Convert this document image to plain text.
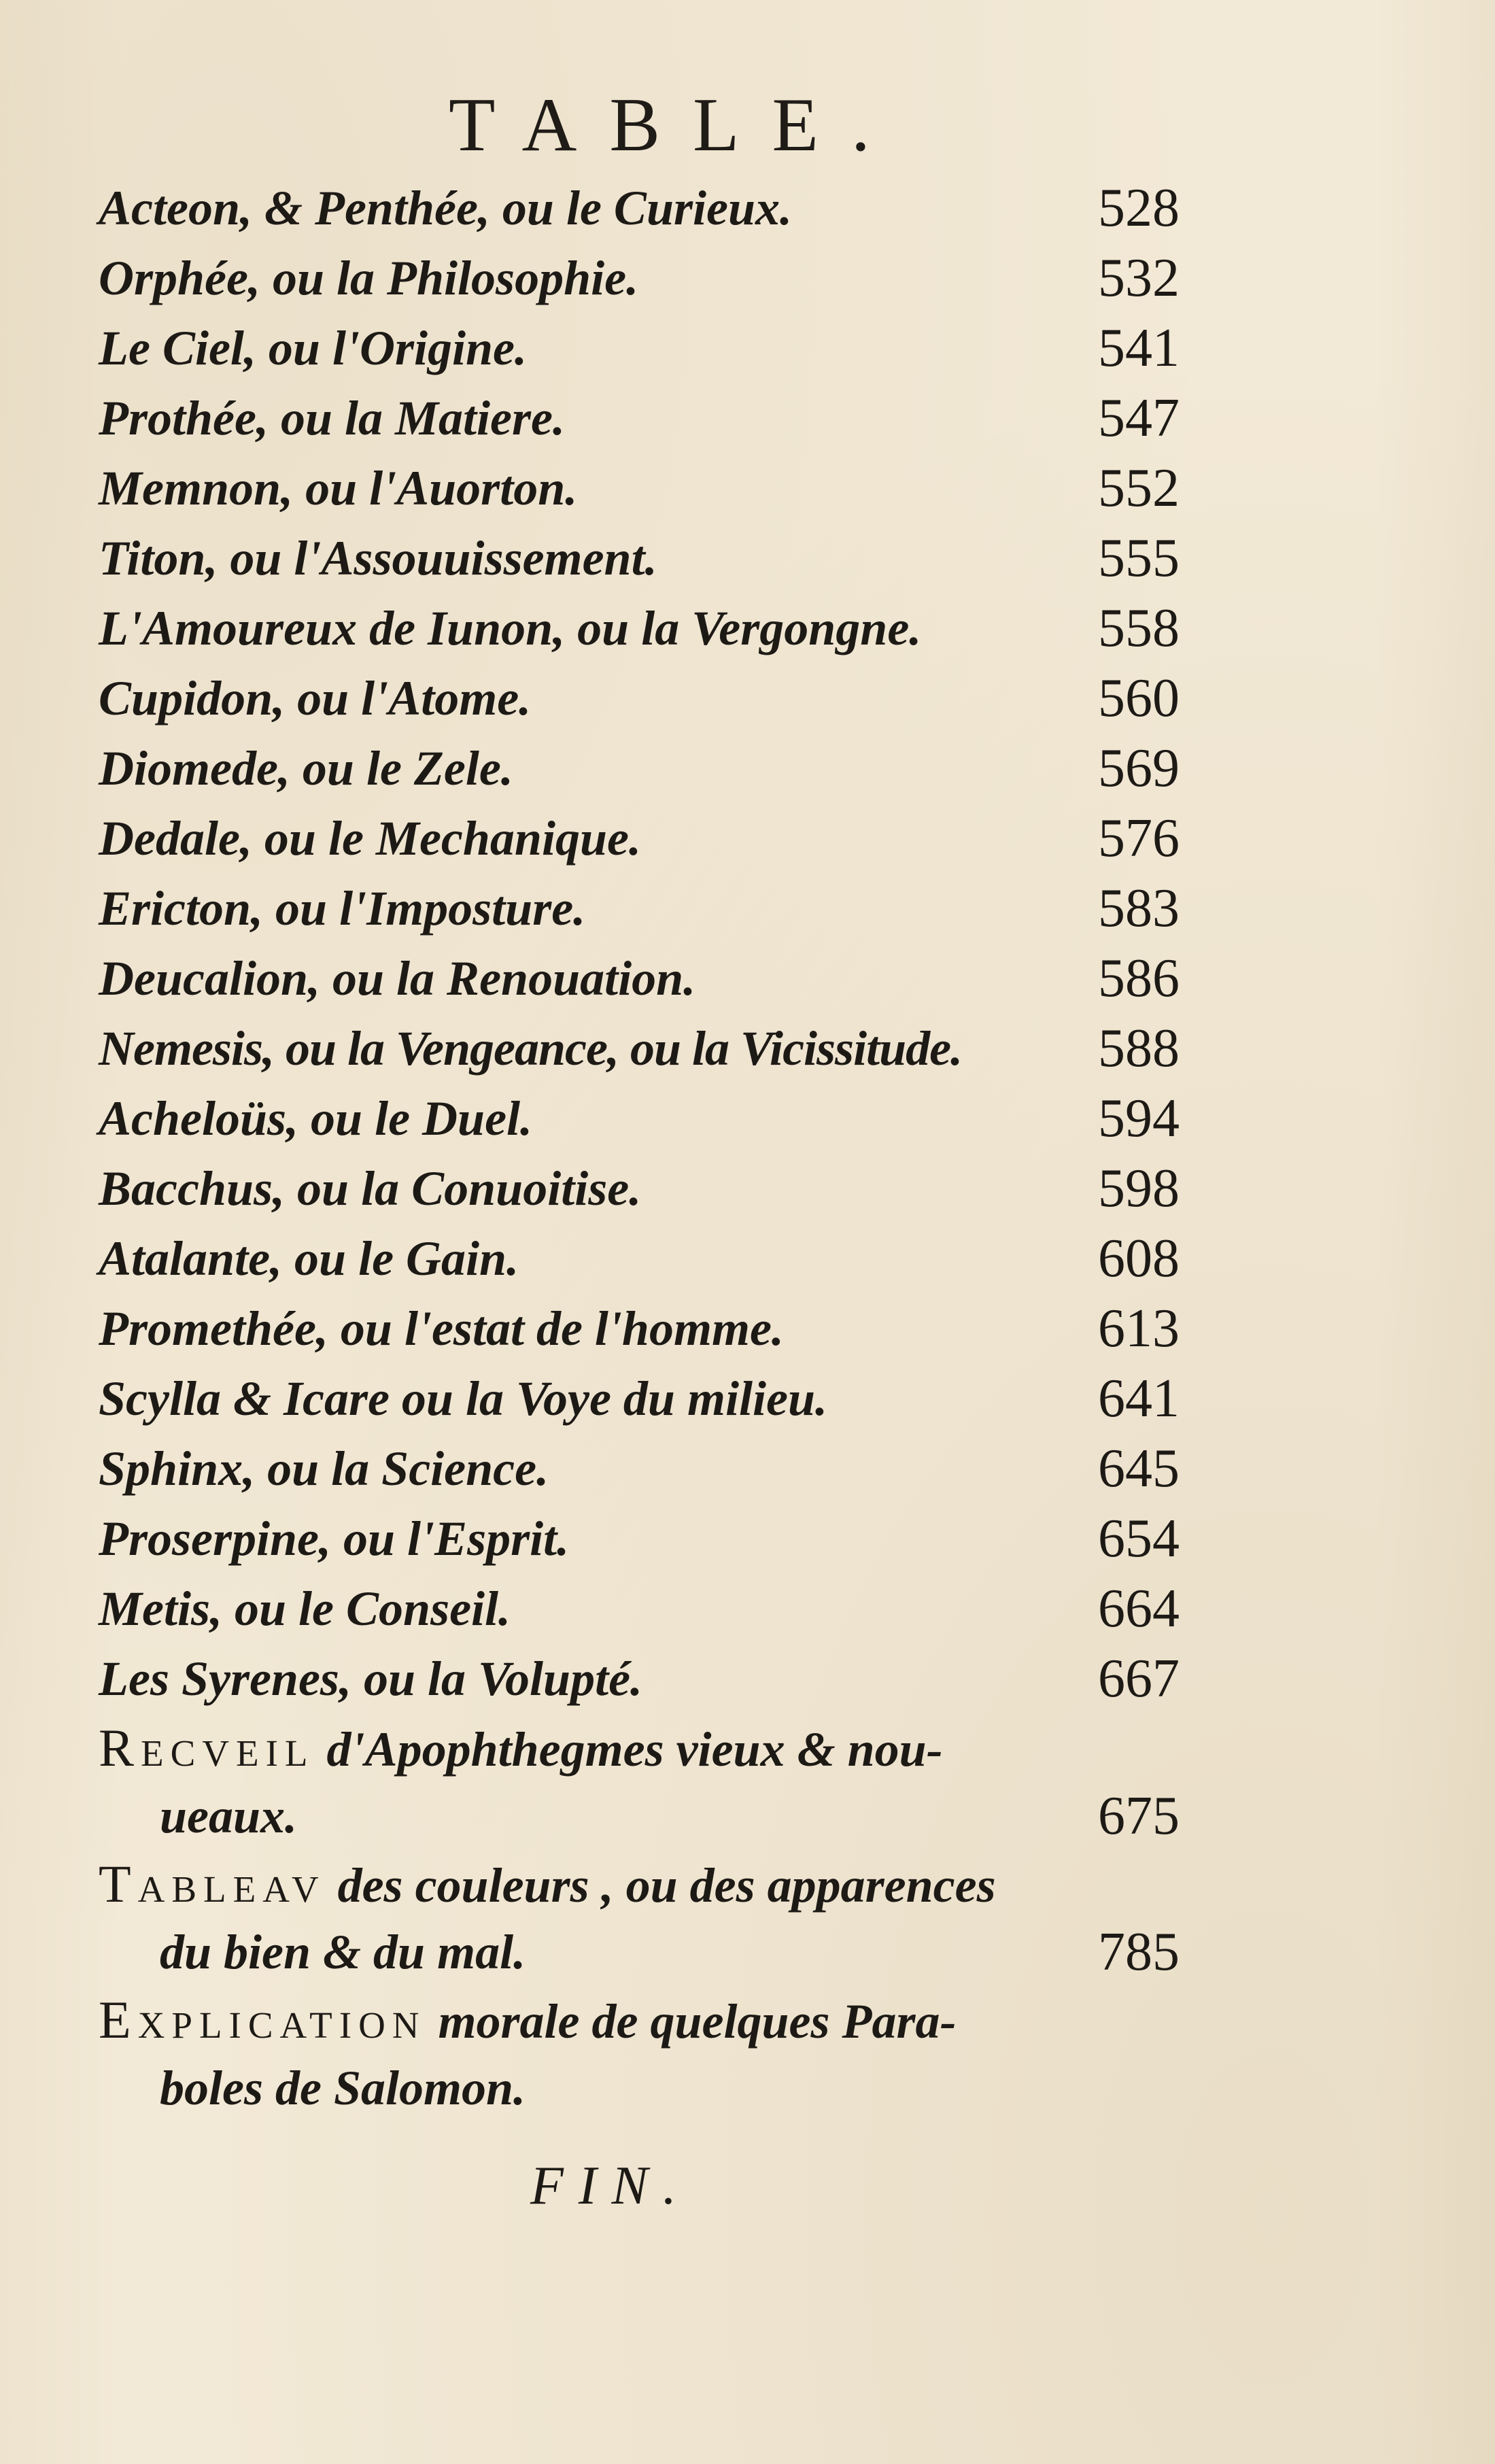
TABLE.
Acteon, & Penthée, ou le Curieux.	528
Orphée, ou la Philosophie.	532
Le Ciel, ou l'Origine.	541
Prothée, ou la Matiere.	547
Memnon, ou l'Auorton.	552
Titon, ou l'Assouuissement.	555
L'Amoureux de Iunon, ou la Vergongne.	558
Cupidon, ou l'Atome.	560
Diomede, ou le Zele.	569
Dedale, ou le Mechanique.	576
Ericton, ou l'Imposture.	583
Deucalion, ou la Renouation.	586
Nemesis, ou la Vengeance, ou la Vicissitude. 588
Acheloüs, ou le Duel.	594
Bacchus, ou la Conuoitise.	598
Atalante, ou le Gain.	608
Promethée, ou l'estat de l'homme.	613
Scylla & Icare ou la Voye du milieu.	641
Sphinx, ou la Science.	645
Proserpine, ou l'Esprit.	654
Metis, ou le Conseil.	664
Les Syrenes, ou la Volupté.	667
Recveil d'Apophthegmes vieux & nou-
ueaux.	675
Tableav des couleurs , ou des apparences
du bien & du mal.	785
Explication morale de quelques Para-
boles de Salomon.
FIN.
